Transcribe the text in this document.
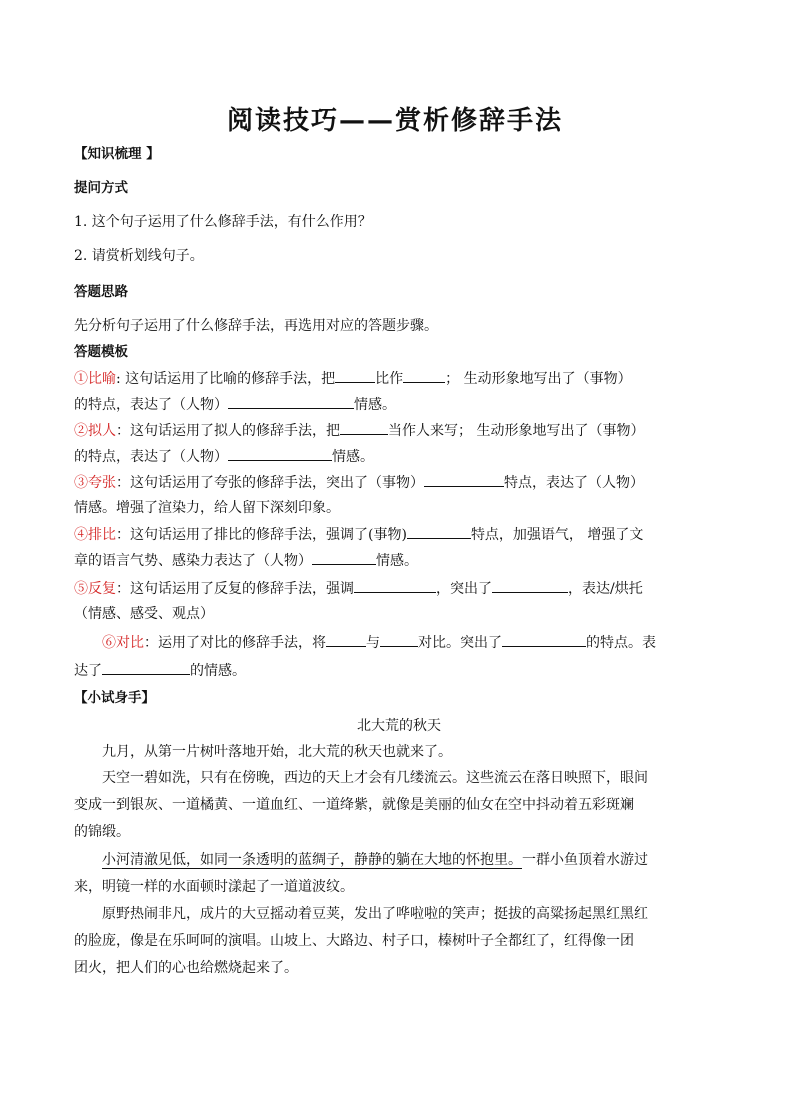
阅读技巧——赏析修辞手法
【知识梳理 】
提问方式
1. 这个句子运用了什么修辞手法，有什么作用？
2. 请赏析划线句子。
答题思路
先分析句子运用了什么修辞手法，再选用对应的答题步骤。
答题模板
①比喻: 这句话运用了比喻的修辞手法，把	比作	； 生动形象地写出了（事物）
的特点，表达了（人物）	情感。
②拟人：这句话运用了拟人的修辞手法，把	当作人来写； 生动形象地写出了（事物）
的特点，表达了（人物）	情感。
③夸张：这句话运用了夸张的修辞手法，突出了（事物）	特点，表达了（人物）
情感。增强了渲染力，给人留下深刻印象。
④排比：这句话运用了排比的修辞手法，强调了(事物)	特点，加强语气， 增强了文
章的语言气势、感染力表达了（人物）	情感。
⑤反复：这句话运用了反复的修辞手法，强调	，突出了	，表达/烘托
（情感、感受、观点）
⑥对比：运用了对比的修辞手法，将	与	对比。突出了	的特点。表
达了	的情感。
【小试身手】
北大荒的秋天
九月，从第一片树叶落地开始，北大荒的秋天也就来了。
天空一碧如洗，只有在傍晚，西边的天上才会有几缕流云。这些流云在落日映照下，眼间
变成一到银灰、一道橘黄、一道血红、一道绛紫，就像是美丽的仙女在空中抖动着五彩斑斓
的锦缎。
小河清澈见低，如同一条透明的蓝绸子，静静的躺在大地的怀抱里。一群小鱼顶着水游过
来，明镜一样的水面顿时漾起了一道道波纹。
原野热闹非凡，成片的大豆摇动着豆荚，发出了哗啦啦的笑声；挺拔的高粱扬起黑红黑红
的脸庞，像是在乐呵呵的演唱。山坡上、大路边、村子口，榛树叶子全都红了，红得像一团
团火，把人们的心也给燃烧起来了。
